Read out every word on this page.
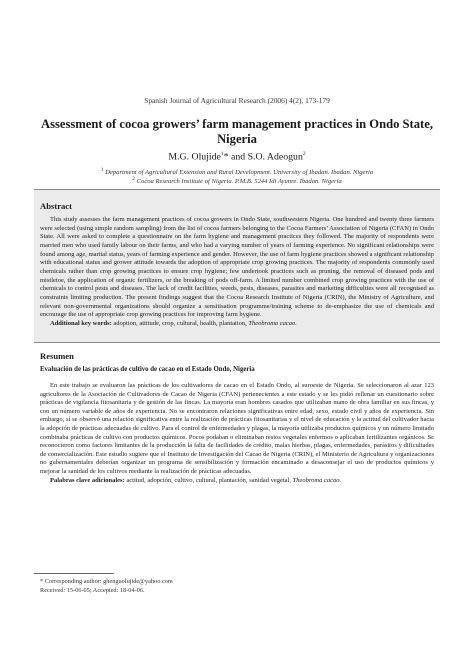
Spanish Journal of Agricultural Research (2006) 4(2), 173-179
Assessment of cocoa growers’ farm management practices in Ondo State, Nigeria
M.G. Olujide$^1$* and S.O. Adeogun$^2$
$^1$ Department of Agricultural Extension and Rural Development. University of Ibadan. Ibadan. Nigeria
$^2$ Cocoa Research Institute of Nigeria. P.M.B. 5244 Idi Ayunre. Ibadan. Nigeria
Abstract
This study assesses the farm management practices of cocoa growers in Ondo State, southwestern Nigeria. One hundred and twenty three farmers were selected (using simple random sampling) from the list of cocoa farmers belonging to the Cocoa Farmers’ Association of Nigeria (CFAN) in Ondo State. All were asked to complete a questionnaire on the farm hygiene and management practices they followed. The majority of respondents were married men who used family labour on their farms, and who had a varying number of years of farming experience. No significant relationships were found among age, marital status, years of farming experience and gender. However, the use of farm hygiene practices showed a significant relationship with educational status and grower attitude towards the adoption of appropriate crop growing practices. The majority of respondents commonly used chemicals rather than crop growing practices to ensure crop hygiene; few undertook practices such as pruning, the removal of diseased pods and mistletoe, the application of organic fertilizers, or the breaking of pods off-farm. A limited number combined crop growing practices with the use of chemicals to control pests and diseases. The lack of credit facilities, weeds, pests, diseases, parasites and marketing difficulties were all recognised as constraints limiting production. The present findings suggest that the Cocoa Research Institute of Nigeria (CRIN), the Ministry of Agriculture, and relevant non-governmental organizations should organize a sensitisation programme/training scheme to de-emphasize the use of chemicals and encourage the use of appropriate crop growing practices for improving farm hygiene.
Additional key words: adoption, attitude, crop, cultural, health, plantation, Theobroma cacao.
Resumen
Evaluación de las prácticas de cultivo de cacao en el Estado Ondo, Nigeria
En este trabajo se evaluaron las prácticas de los cultivadores de cacao en el Estado Ondo, al suroeste de Nigeria. Se seleccionaron al azar 123 agricultores de la Asociación de Cultivadores de Cacao de Nigeria (CFAN) pertenecientes a este estado y se les pidió rellenar un cuestionario sobre prácticas de vigilancia fitosanitaria y de gestión de las fincas. La mayoría eran hombres casados que utilizaban mano de obra familiar en sus fincas, y con un número variable de años de experiencia. No se encontraron relaciones significativas entre edad, sexo, estado civil y años de experiencia. Sin embargo, sí se observó una relación significativa entre la realización de prácticas fitosanitarias y el nivel de educación y la actitud del cultivador hacia la adopción de prácticas adecuadas de cultivo. Para el control de enfermedades y plagas, la mayoría utilizaba productos químicos y un número limitado combinaba prácticas de cultivo con productos químicos. Pocos podaban o eliminaban restos vegetales enfermos o aplicaban fertilizantes orgánicos. Se reconocieron como factores limitantes de la producción la falta de facilidades de crédito, malas hierbas, plagas, enfermedades, parásitos y dificultades de comercialización. Este estudio sugiere que el Instituto de Investigación del Cacao de Nigeria (CRIN), el Ministerio de Agricultura y organizaciones no gubernamentales deberían organizar un programa de sensibilización y formación encaminado a desaconsejar el uso de productos químicos y mejorar la sanidad de los cultivos mediante la realización de prácticas adecuadas.
Palabras clave adicionales: actitud, adopción, cultivo, cultural, plantación, sanidad vegetal, Theobroma cacao.
* Corresponding author: ghenguolujide@yahoo.com
Received: 15-06-05; Accepted: 18-04-06.
